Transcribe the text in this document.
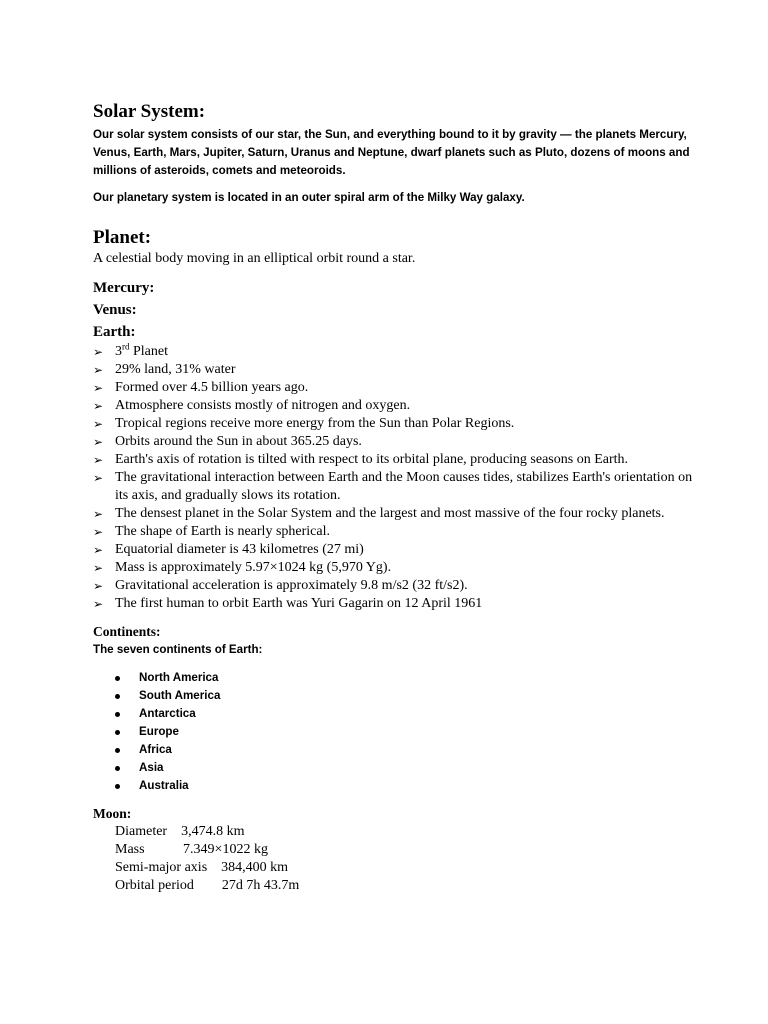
Solar System:

Our solar system consists of our star, the Sun, and everything bound to it by gravity — the planets Mercury, Venus, Earth, Mars, Jupiter, Saturn, Uranus and Neptune, dwarf planets such as Pluto, dozens of moons and millions of asteroids, comets and meteoroids.

Our planetary system is located in an outer spiral arm of the Milky Way galaxy.

Planet:

A celestial body moving in an elliptical orbit round a star.

Mercury:
Venus:
Earth:
➢ 3rd Planet
➢ 29% land, 31% water
➢ Formed over 4.5 billion years ago.
➢ Atmosphere consists mostly of nitrogen and oxygen.
➢ Tropical regions receive more energy from the Sun than Polar Regions.
➢ Orbits around the Sun in about 365.25 days.
➢ Earth's axis of rotation is tilted with respect to its orbital plane, producing seasons on Earth.
➢ The gravitational interaction between Earth and the Moon causes tides, stabilizes Earth's orientation on its axis, and gradually slows its rotation.
➢ The densest planet in the Solar System and the largest and most massive of the four rocky planets.
➢ The shape of Earth is nearly spherical.
➢ Equatorial diameter is 43 kilometres (27 mi)
➢ Mass is approximately 5.97×1024 kg (5,970 Yg).
➢ Gravitational acceleration is approximately 9.8 m/s2 (32 ft/s2).
➢ The first human to orbit Earth was Yuri Gagarin on 12 April 1961
Continents:

The seven continents of Earth:

North America
South America
Antarctica
Europe
Africa
Asia
Australia
Moon:
Diameter    3,474.8 km
Mass           7.349×1022 kg
Semi-major axis    384,400 km
Orbital period        27d 7h 43.7m
